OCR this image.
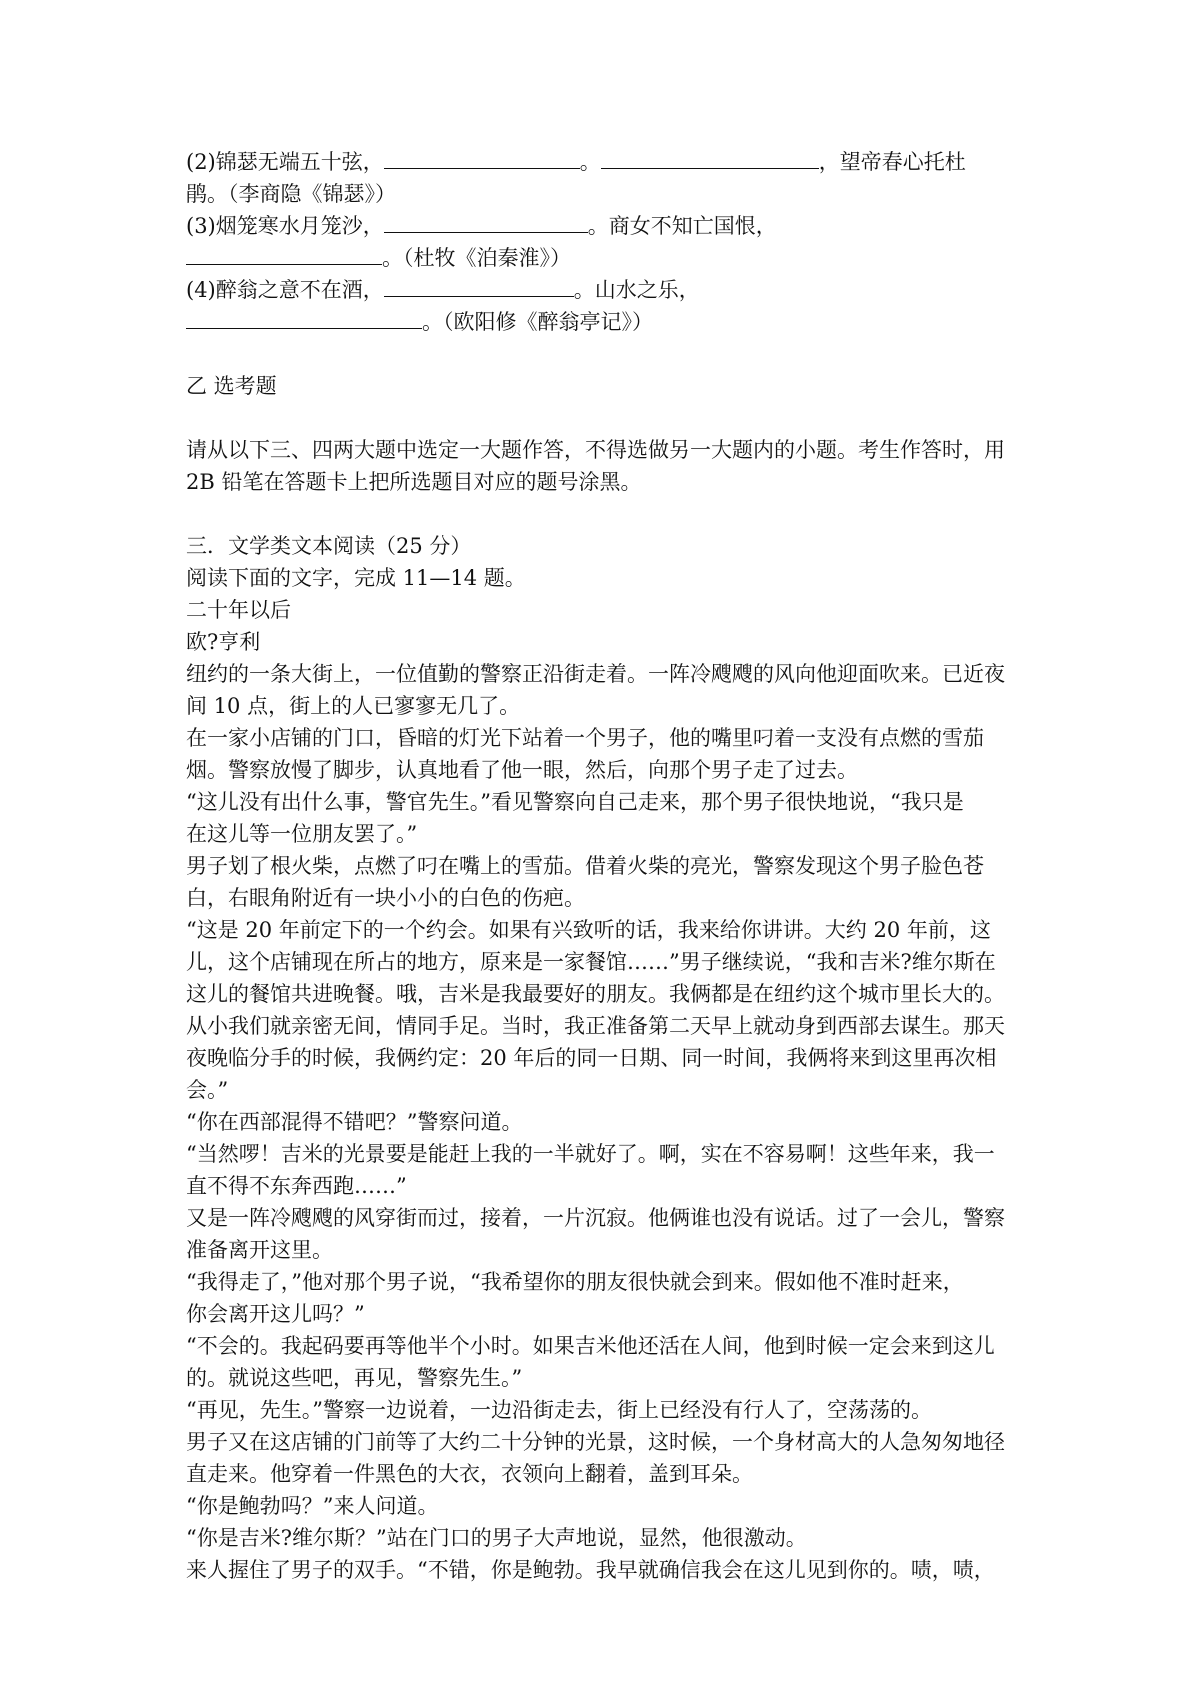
(2)锦瑟无端五十弦，	。	，望帝春心托杜

鹃。（李商隐《锦瑟》）

(3)烟笼寒水月笼沙，	。商女不知亡国恨，

。（杜牧《泊秦淮》）

(4)醉翁之意不在酒，	。山水之乐，

。（欧阳修《醉翁亭记》）

乙 选考题

请从以下三、四两大题中选定一大题作答，不得选做另一大题内的小题。考生作答时，用

2B 铅笔在答题卡上把所选题目对应的题号涂黑。

三．文学类文本阅读（25 分）

阅读下面的文字，完成 11—14 题。

二十年以后

欧?亨利

纽约的一条大街上，一位值勤的警察正沿街走着。一阵冷飕飕的风向他迎面吹来。已近夜

间 10 点，街上的人已寥寥无几了。

在一家小店铺的门口，昏暗的灯光下站着一个男子，他的嘴里叼着一支没有点燃的雪茄

烟。警察放慢了脚步，认真地看了他一眼，然后，向那个男子走了过去。

“这儿没有出什么事，警官先生。”看见警察向自己走来，那个男子很快地说，“我只是

在这儿等一位朋友罢了。”

男子划了根火柴，点燃了叼在嘴上的雪茄。借着火柴的亮光，警察发现这个男子脸色苍

白，右眼角附近有一块小小的白色的伤疤。

“这是 20 年前定下的一个约会。如果有兴致听的话，我来给你讲讲。大约 20 年前，这

儿，这个店铺现在所占的地方，原来是一家餐馆……”男子继续说，“我和吉米?维尔斯在

这儿的餐馆共进晚餐。哦，吉米是我最要好的朋友。我俩都是在纽约这个城市里长大的。

从小我们就亲密无间，情同手足。当时，我正准备第二天早上就动身到西部去谋生。那天

夜晚临分手的时候，我俩约定：20 年后的同一日期、同一时间，我俩将来到这里再次相

会。”

“你在西部混得不错吧？”警察问道。

“当然啰！吉米的光景要是能赶上我的一半就好了。啊，实在不容易啊！这些年来，我一

直不得不东奔西跑……”

又是一阵冷飕飕的风穿街而过，接着，一片沉寂。他俩谁也没有说话。过了一会儿，警察

准备离开这里。

“我得走了，”他对那个男子说，“我希望你的朋友很快就会到来。假如他不准时赶来，

你会离开这儿吗？”

“不会的。我起码要再等他半个小时。如果吉米他还活在人间，他到时候一定会来到这儿

的。就说这些吧，再见，警察先生。”

“再见，先生。”警察一边说着，一边沿街走去，街上已经没有行人了，空荡荡的。

男子又在这店铺的门前等了大约二十分钟的光景，这时候，一个身材高大的人急匆匆地径

直走来。他穿着一件黑色的大衣，衣领向上翻着，盖到耳朵。

“你是鲍勃吗？”来人问道。

“你是吉米?维尔斯？”站在门口的男子大声地说，显然，他很激动。

来人握住了男子的双手。“不错，你是鲍勃。我早就确信我会在这儿见到你的。啧，啧，
